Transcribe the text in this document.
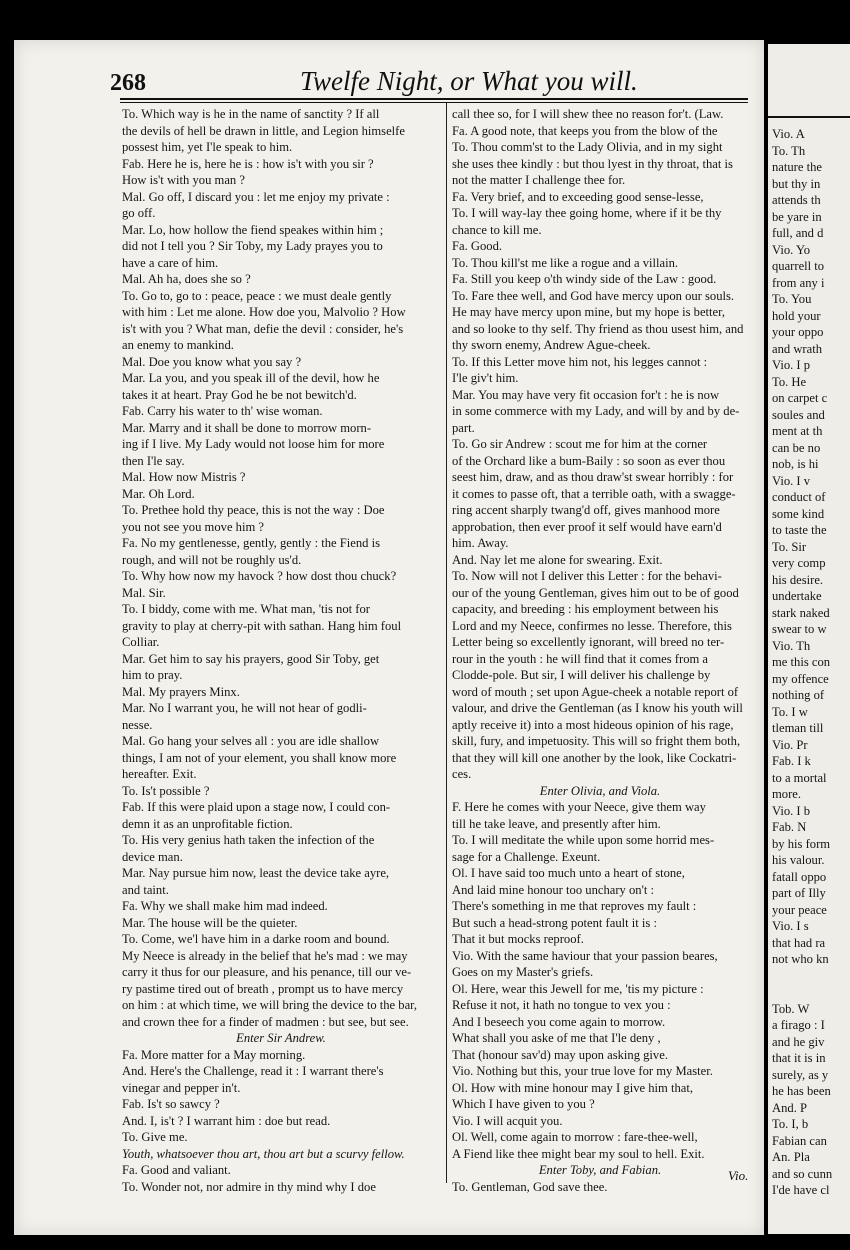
Vio. A
To. Th
nature the
but thy in
attends th
be yare in
full, and d
Vio. Yo
quarrell to
from any i
To. You
hold your
your oppo
and wrath
Vio. I p
To. He
on carpet c
soules and
ment at th
can be no
nob, is hi
Vio. I v
conduct of
some kind
to taste the
To. Sir
very comp
his desire.
undertake
stark naked
swear to w
Vio. Th
me this con
my offence
nothing of
To. I w
tleman till
Vio. Pr
Fab. I k
to a mortal
more.
Vio. I b
Fab. N
by his form
his valour.
fatall oppo
part of Illy
your peace
Vio. I s
that had ra
not who kn
Tob. W
a firago : I
and he giv
that it is in
surely, as y
he has been
And. P
To. I, b
Fabian can
An. Pla
and so cunn
I'de have cl
268	Twelfe Night, or What you will.
To. Which way is he in the name of sanctity ? If all
the devils of hell be drawn in little, and Legion himselfe
possest him, yet I'le speak to him.
Fab. Here he is, here he is : how is't with you sir ?
How is't with you man ?
Mal. Go off, I discard you : let me enjoy my private :
go off.
Mar. Lo, how hollow the fiend speakes within him ;
did not I tell you ? Sir Toby, my Lady prayes you to
have a care of him.
Mal. Ah ha, does she so ?
To. Go to, go to : peace, peace : we must deale gently
with him : Let me alone. How doe you, Malvolio ? How
is't with you ? What man, defie the devil : consider, he's
an enemy to mankind.
Mal. Doe you know what you say ?
Mar. La you, and you speak ill of the devil, how he
takes it at heart. Pray God he be not bewitch'd.
Fab. Carry his water to th' wise woman.
Mar. Marry and it shall be done to morrow morn-
ing if I live. My Lady would not loose him for more
then I'le say.
Mal. How now Mistris ?
Mar. Oh Lord.
To. Prethee hold thy peace, this is not the way : Doe
you not see you move him ?
Fa. No my gentlenesse, gently, gently : the Fiend is
rough, and will not be roughly us'd.
To. Why how now my havock ? how dost thou chuck?
Mal. Sir.
To. I biddy, come with me. What man, 'tis not for
gravity to play at cherry-pit with sathan. Hang him foul
Colliar.
Mar. Get him to say his prayers, good Sir Toby, get
him to pray.
Mal. My prayers Minx.
Mar. No I warrant you, he will not hear of godli-
nesse.
Mal. Go hang your selves all : you are idle shallow
things, I am not of your element, you shall know more
hereafter. Exit.
To. Is't possible ?
Fab. If this were plaid upon a stage now, I could con-
demn it as an unprofitable fiction.
To. His very genius hath taken the infection of the
device man.
Mar. Nay pursue him now, least the device take ayre,
and taint.
Fa. Why we shall make him mad indeed.
Mar. The house will be the quieter.
To. Come, we'l have him in a darke room and bound.
My Neece is already in the belief that he's mad : we may
carry it thus for our pleasure, and his penance, till our ve-
ry pastime tired out of breath , prompt us to have mercy
on him : at which time, we will bring the device to the bar,
and crown thee for a finder of madmen : but see, but see.
Enter Sir Andrew.
Fa. More matter for a May morning.
And. Here's the Challenge, read it : I warrant there's
vinegar and pepper in't.
Fab. Is't so sawcy ?
And. I, is't ? I warrant him : doe but read.
To. Give me.
Youth, whatsoever thou art, thou art but a scurvy fellow.
Fa. Good and valiant.
To. Wonder not, nor admire in thy mind why I doe
call thee so, for I will shew thee no reason for't. (Law.
Fa. A good note, that keeps you from the blow of the
To. Thou comm'st to the Lady Olivia, and in my sight
she uses thee kindly : but thou lyest in thy throat, that is
not the matter I challenge thee for.
Fa. Very brief, and to exceeding good sense-lesse,
To. I will way-lay thee going home, where if it be thy
chance to kill me.
Fa. Good.
To. Thou kill'st me like a rogue and a villain.
Fa. Still you keep o'th windy side of the Law : good.
To. Fare thee well, and God have mercy upon our souls.
He may have mercy upon mine, but my hope is better,
and so looke to thy self. Thy friend as thou usest him, and
thy sworn enemy, Andrew Ague-cheek.
To. If this Letter move him not, his legges cannot :
I'le giv't him.
Mar. You may have very fit occasion for't : he is now
in some commerce with my Lady, and will by and by de-
part.
To. Go sir Andrew : scout me for him at the corner
of the Orchard like a bum-Baily : so soon as ever thou
seest him, draw, and as thou draw'st swear horribly : for
it comes to passe oft, that a terrible oath, with a swagge-
ring accent sharply twang'd off, gives manhood more
approbation, then ever proof it self would have earn'd
him. Away.
And. Nay let me alone for swearing. Exit.
To. Now will not I deliver this Letter : for the behavi-
our of the young Gentleman, gives him out to be of good
capacity, and breeding : his employment between his
Lord and my Neece, confirmes no lesse. Therefore, this
Letter being so excellently ignorant, will breed no ter-
rour in the youth : he will find that it comes from a
Clodde-pole. But sir, I will deliver his challenge by
word of mouth ; set upon Ague-cheek a notable report of
valour, and drive the Gentleman (as I know his youth will
aptly receive it) into a most hideous opinion of his rage,
skill, fury, and impetuosity. This will so fright them both,
that they will kill one another by the look, like Cockatri-
ces.
Enter Olivia, and Viola.
F. Here he comes with your Neece, give them way
till he take leave, and presently after him.
To. I will meditate the while upon some horrid mes-
sage for a Challenge. Exeunt.
Ol. I have said too much unto a heart of stone,
And laid mine honour too unchary on't :
There's something in me that reproves my fault :
But such a head-strong potent fault it is :
That it but mocks reproof.
Vio. With the same haviour that your passion beares,
Goes on my Master's griefs.
Ol. Here, wear this Jewell for me, 'tis my picture :
Refuse it not, it hath no tongue to vex you :
And I beseech you come again to morrow.
What shall you aske of me that I'le deny ,
That (honour sav'd) may upon asking give.
Vio. Nothing but this, your true love for my Master.
Ol. How with mine honour may I give him that,
Which I have given to you ?
Vio. I will acquit you.
Ol. Well, come again to morrow : fare-thee-well,
A Fiend like thee might bear my soul to hell. Exit.
Enter Toby, and Fabian.
To. Gentleman, God save thee.
Vio.
